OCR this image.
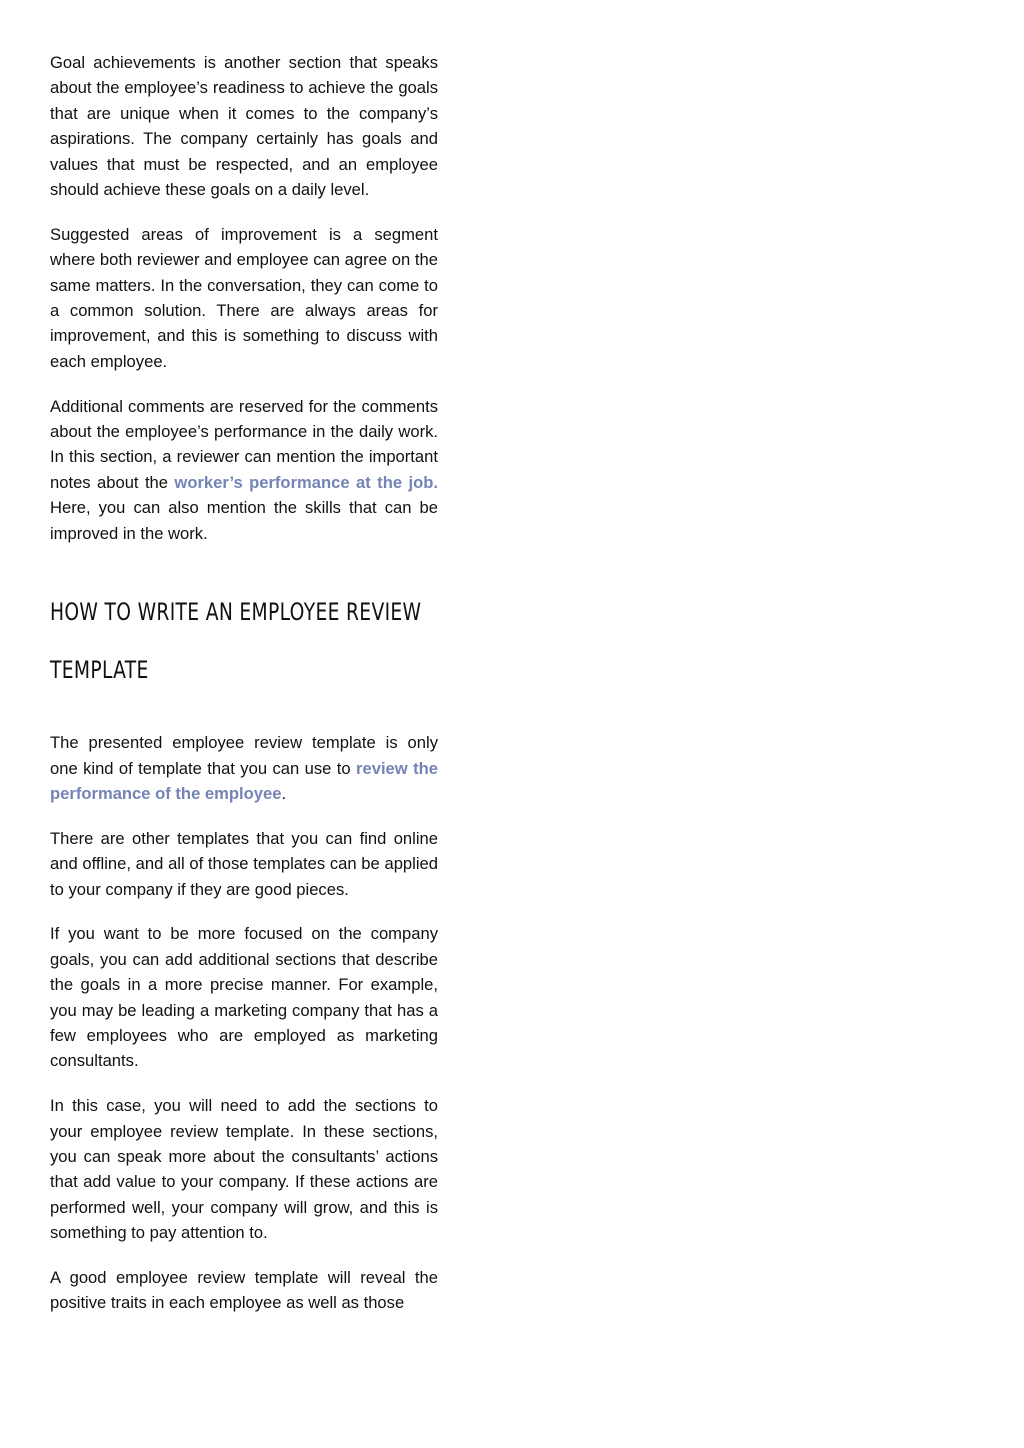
Goal achievements is another section that speaks about the employee’s readiness to achieve the goals that are unique when it comes to the company’s aspirations. The company certainly has goals and values that must be respected, and an employee should achieve these goals on a daily level.

Suggested areas of improvement is a segment where both reviewer and employee can agree on the same matters. In the conversation, they can come to a common solution. There are always areas for improvement, and this is something to discuss with each employee.

Additional comments are reserved for the comments about the employee’s performance in the daily work. In this section, a reviewer can mention the important notes about the worker’s performance at the job. Here, you can also mention the skills that can be improved in the work.

HOW TO WRITE AN EMPLOYEE REVIEW TEMPLATE

The presented employee review template is only one kind of template that you can use to review the performance of the employee.

There are other templates that you can find online and offline, and all of those templates can be applied to your company if they are good pieces.

If you want to be more focused on the company goals, you can add additional sections that describe the goals in a more precise manner. For example, you may be leading a marketing company that has a few employees who are employed as marketing consultants.

In this case, you will need to add the sections to your employee review template. In these sections, you can speak more about the consultants’ actions that add value to your company. If these actions are performed well, your company will grow, and this is something to pay attention to.

A good employee review template will reveal the positive traits in each employee as well as those
